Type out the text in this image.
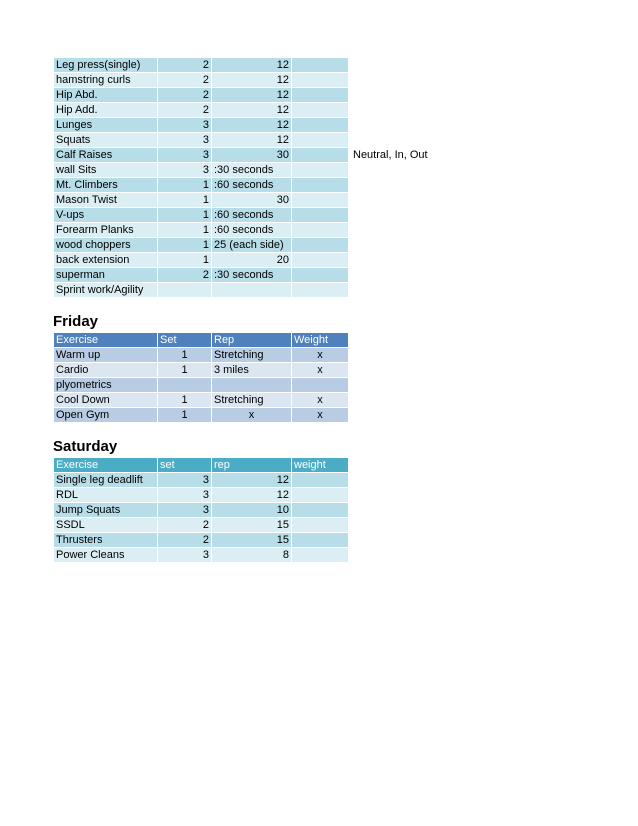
Leg press(single)	2	12		
hamstring curls	2	12		
Hip Abd.	2	12		
Hip Add.	2	12		
Lunges	3	12		
Squats	3	12		
Calf Raises	3	30		Neutral, In, Out
wall Sits	3	:30 seconds		
Mt. Climbers	1	:60 seconds		
Mason Twist	1	30		
V-ups	1	:60 seconds		
Forearm Planks	1	:60 seconds		
wood choppers	1	25 (each side)		
back extension	1	20		
superman	2	:30 seconds		
Sprint work/Agility				
Friday
Exercise	Set	Rep	Weight
Warm up	1	Stretching	x
Cardio	1	3 miles	x
plyometrics			
Cool Down	1	Stretching	x
Open Gym	1	x	x
Saturday
Exercise	set	rep	weight
Single leg deadlift	3	12	
RDL	3	12	
Jump Squats	3	10	
SSDL	2	15	
Thrusters	2	15	
Power Cleans	3	8	
